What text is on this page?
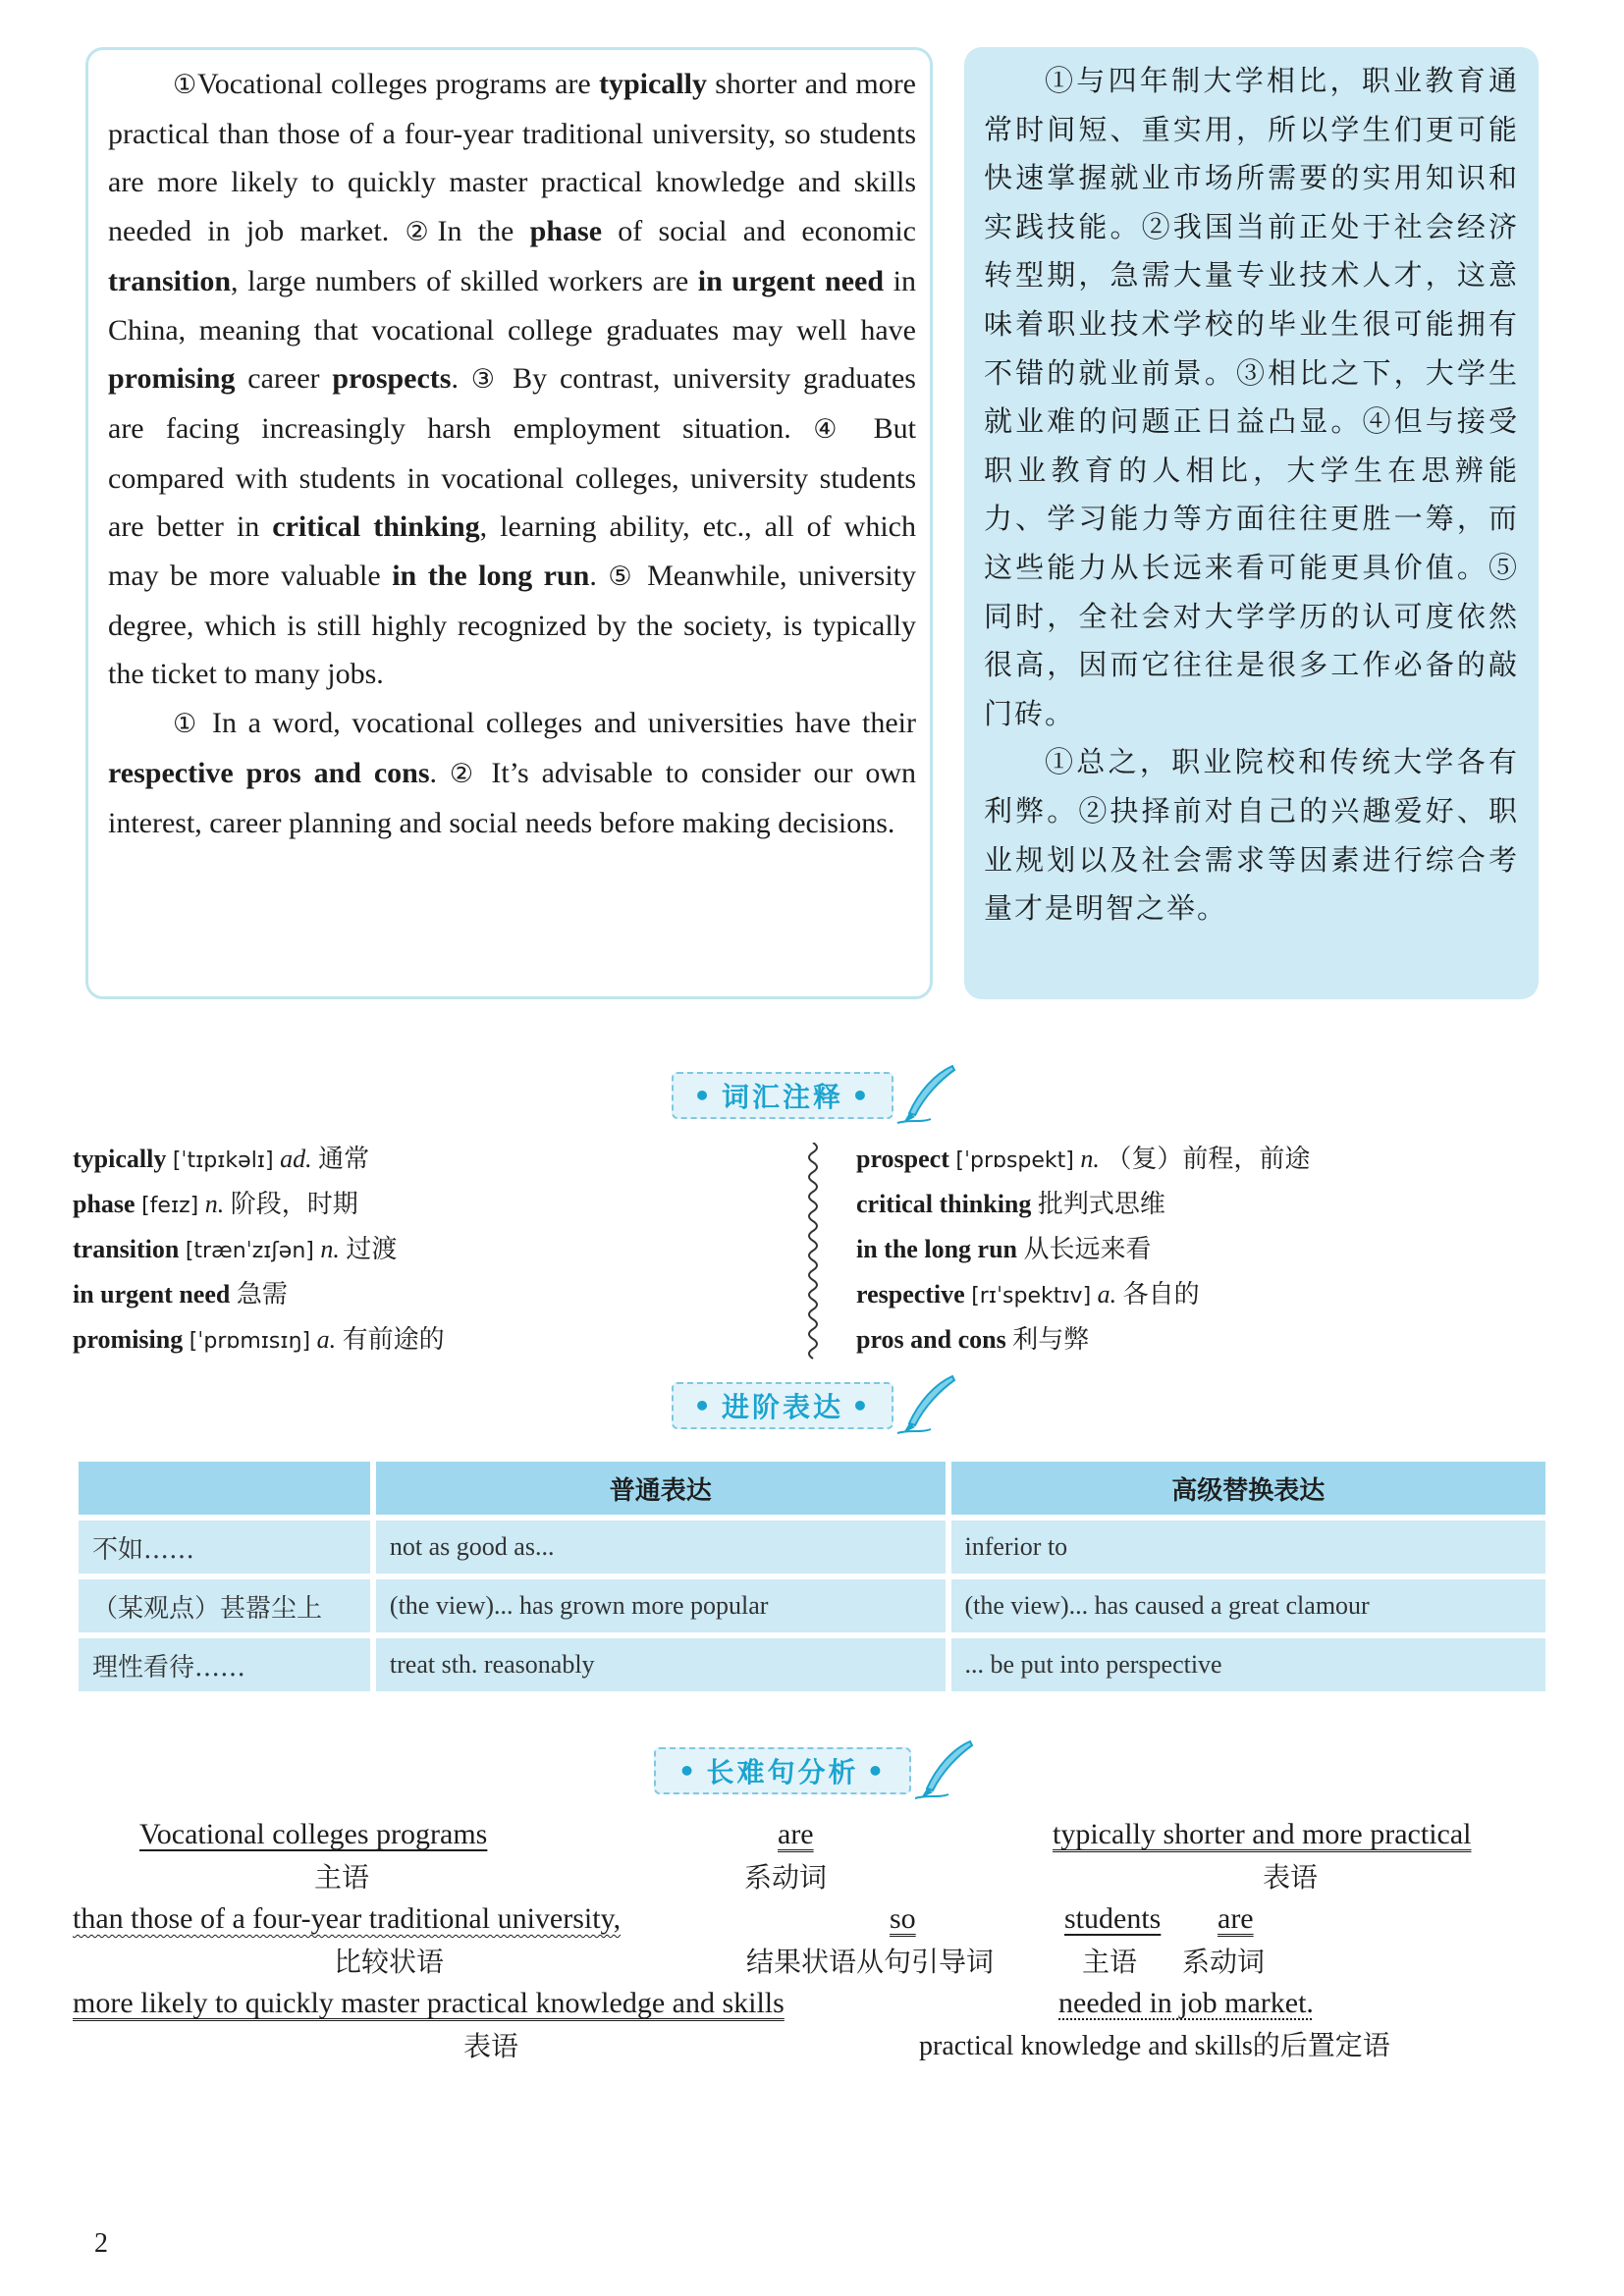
①Vocational colleges programs are typically shorter and more practical than those of a four-year traditional university, so students are more likely to quickly master practical knowledge and skills needed in job market. ②In the phase of social and economic transition, large numbers of skilled workers are in urgent need in China, meaning that vocational college graduates may well have promising career prospects. ③ By contrast, university graduates are facing increasingly harsh employment situation. ④ But compared with students in vocational colleges, university students are better in critical thinking, learning ability, etc., all of which may be more valuable in the long run. ⑤ Meanwhile, university degree, which is still highly recognized by the society, is typically the ticket to many jobs.

① In a word, vocational colleges and universities have their respective pros and cons. ② It’s advisable to consider our own interest, career planning and social needs before making decisions.

①与四年制大学相比，职业教育通常时间短、重实用，所以学生们更可能快速掌握就业市场所需要的实用知识和实践技能。②我国当前正处于社会经济转型期，急需大量专业技术人才，这意味着职业技术学校的毕业生很可能拥有不错的就业前景。③相比之下，大学生就业难的问题正日益凸显。④但与接受职业教育的人相比，大学生在思辨能力、学习能力等方面往往更胜一筹，而这些能力从长远来看可能更具价值。⑤同时，全社会对大学学历的认可度依然很高，因而它往往是很多工作必备的敲门砖。

①总之，职业院校和传统大学各有利弊。②抉择前对自己的兴趣爱好、职业规划以及社会需求等因素进行综合考量才是明智之举。

• 词汇注释 •
typically [ˈtɪpɪkəlɪ] ad. 通常
phase [feɪz] n. 阶段，时期
transition [trænˈzɪʃən] n. 过渡
in urgent need 急需
promising [ˈprɒmɪsɪŋ] a. 有前途的
prospect [ˈprɒspekt] n. （复）前程，前途
critical thinking 批判式思维
in the long run 从长远来看
respective [rɪˈspektɪv] a. 各自的
pros and cons 利与弊
• 进阶表达 •
	普通表达	高级替换表达
不如……	not as good as...	inferior to
（某观点）甚嚣尘上	(the view)... has grown more popular	(the view)... has caused a great clamour
理性看待……	treat sth. reasonably	... be put into perspective
• 长难句分析 •
Vocational colleges programs
主语
are
系动词
typically shorter and more practical
表语
than those of a four-year traditional university,
比较状语
so
结果状语从句引导词
students
主语
are
系动词
more likely to quickly master practical knowledge and skills
表语
needed in job market.
practical knowledge and skills的后置定语
2
